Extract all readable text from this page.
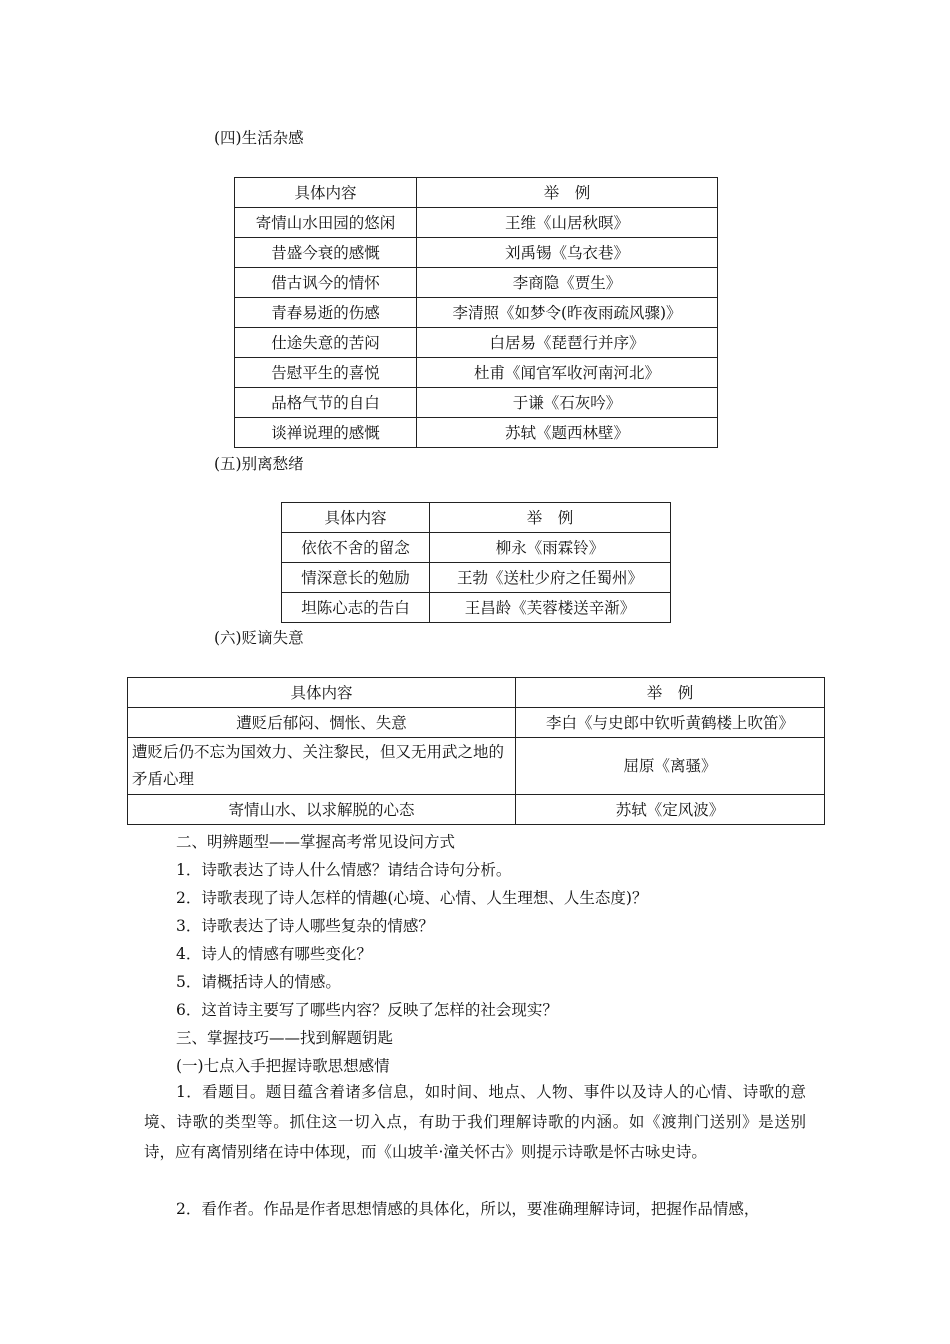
(四)生活杂感
具体内容	举　例
寄情山水田园的悠闲	王维《山居秋暝》
昔盛今衰的感慨	刘禹锡《乌衣巷》
借古讽今的情怀	李商隐《贾生》
青春易逝的伤感	李清照《如梦令(昨夜雨疏风骤)》
仕途失意的苦闷	白居易《琵琶行并序》
告慰平生的喜悦	杜甫《闻官军收河南河北》
品格气节的自白	于谦《石灰吟》
谈禅说理的感慨	苏轼《题西林壁》
(五)别离愁绪
具体内容	举　例
依依不舍的留念	柳永《雨霖铃》
情深意长的勉励	王勃《送杜少府之任蜀州》
坦陈心志的告白	王昌龄《芙蓉楼送辛渐》
(六)贬谪失意
具体内容	举　例
遭贬后郁闷、惆怅、失意	李白《与史郎中钦听黄鹤楼上吹笛》
遭贬后仍不忘为国效力、关注黎民，但又无用武之地的矛盾心理	屈原《离骚》
寄情山水、以求解脱的心态	苏轼《定风波》
二、明辨题型——掌握高考常见设问方式
1．诗歌表达了诗人什么情感？请结合诗句分析。
2．诗歌表现了诗人怎样的情趣(心境、心情、人生理想、人生态度)？
3．诗歌表达了诗人哪些复杂的情感？
4．诗人的情感有哪些变化？
5．请概括诗人的情感。
6．这首诗主要写了哪些内容？反映了怎样的社会现实？
三、掌握技巧——找到解题钥匙
(一)七点入手把握诗歌思想感情
1．看题目。题目蕴含着诸多信息，如时间、地点、人物、事件以及诗人的心情、诗歌的意境、诗歌的类型等。抓住这一切入点，有助于我们理解诗歌的内涵。如《渡荆门送别》是送别诗，应有离情别绪在诗中体现，而《山坡羊·潼关怀古》则提示诗歌是怀古咏史诗。
2．看作者。作品是作者思想情感的具体化，所以，要准确理解诗词，把握作品情感，
